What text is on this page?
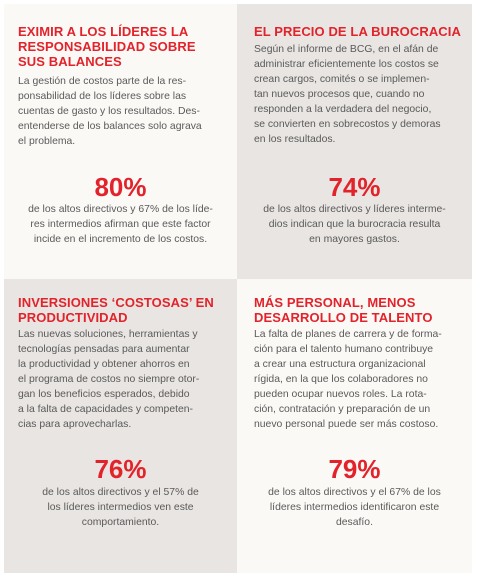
EXIMIR A LOS LÍDERES LA
RESPONSABILIDAD SOBRE
SUS BALANCES
La gestión de costos parte de la res-
ponsabilidad de los líderes sobre las
cuentas de gasto y los resultados. Des-
entenderse de los balances solo agrava
el problema.
80%
de los altos directivos y 67% de los líde-
res intermedios afirman que este factor
incide en el incremento de los costos.
EL PRECIO DE LA BUROCRACIA
Según el informe de BCG, en el afán de
administrar eficientemente los costos se
crean cargos, comités o se implemen-
tan nuevos procesos que, cuando no
responden a la verdadera del negocio,
se convierten en sobrecostos y demoras
en los resultados.
74%
de los altos directivos y líderes interme-
dios indican que la burocracia resulta
en mayores gastos.
INVERSIONES ‘COSTOSAS’ EN
PRODUCTIVIDAD
Las nuevas soluciones, herramientas y
tecnologías pensadas para aumentar
la productividad y obtener ahorros en
el programa de costos no siempre otor-
gan los beneficios esperados, debido
a la falta de capacidades y competen-
cias para aprovecharlas.
76%
de los altos directivos y el 57% de
los líderes intermedios ven este
comportamiento.
MÁS PERSONAL, MENOS
DESARROLLO DE TALENTO
La falta de planes de carrera y de forma-
ción para el talento humano contribuye
a crear una estructura organizacional
rígida, en la que los colaboradores no
pueden ocupar nuevos roles. La rota-
ción, contratación y preparación de un
nuevo personal puede ser más costoso.
79%
de los altos directivos y el 67% de los
líderes intermedios identificaron este
desafío.
